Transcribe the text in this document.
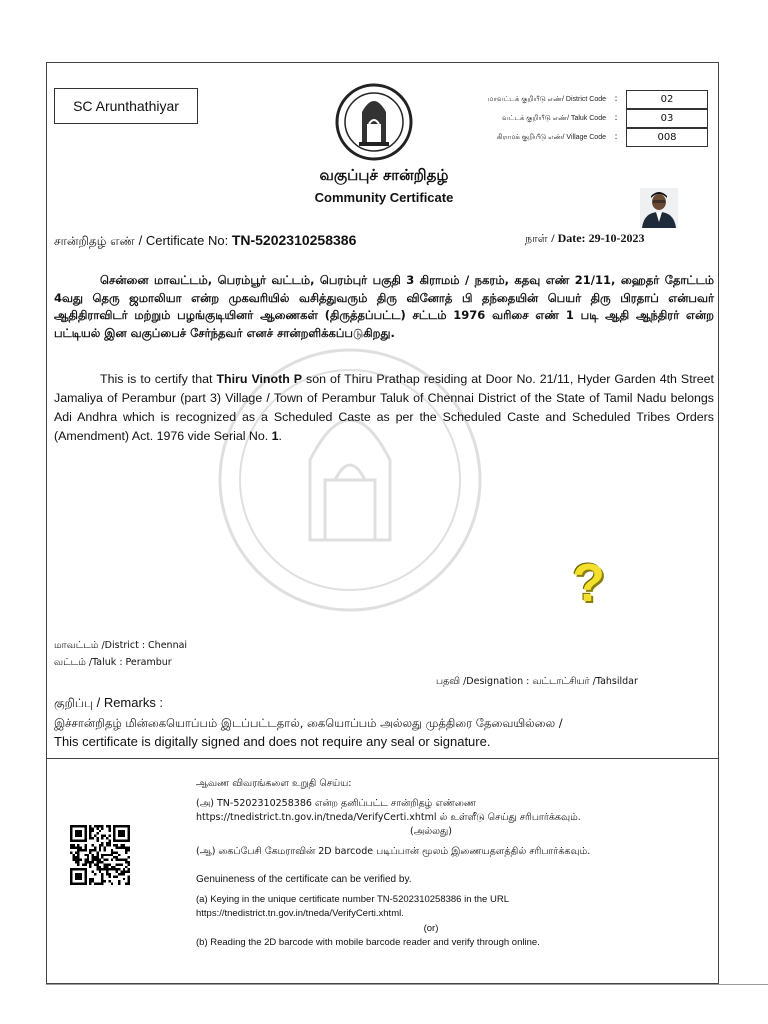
SC Arunthathiyar	மாவட்டக் குறியீடு எண்/ District Code :	02
வட்டக் குறியீடு எண்/ Taluk Code :	03
கிராமக் குறியீடு எண்/ Village Code :	008
வகுப்புச் சான்றிதழ்
Community Certificate
சான்றிதழ் எண் / Certificate No: TN-5202310258386	நாள் / Date: 29-10-2023
சென்னை மாவட்டம், பெரம்பூர் வட்டம், பெரம்புர் பகுதி 3 கிராமம் / நகரம், கதவு எண் 21/11, ஹைதர் தோட்டம் 4வது தெரு ஜமாலியா என்ற முகவரியில் வசித்துவரும் திரு வினோத் பி தந்தையின் பெயர் திரு பிரதாப் என்பவர் ஆதிதிராவிடர் மற்றும் பழங்குடியினர் ஆணைகள் (திருத்தப்பட்ட) சட்டம் 1976 வரிசை எண் 1 படி ஆதி ஆந்திரர் என்ற பட்டியல் இன வகுப்பைச் சேர்ந்தவர் எனச் சான்றளிக்கப்படுகிறது.
This is to certify that Thiru Vinoth P son of Thiru Prathap residing at Door No. 21/11, Hyder Garden 4th Street Jamaliya of Perambur (part 3) Village / Town of Perambur Taluk of Chennai District of the State of Tamil Nadu belongs Adi Andhra which is recognized as a Scheduled Caste as per the Scheduled Caste and Scheduled Tribes Orders (Amendment) Act. 1976 vide Serial No. 1.
?
மாவட்டம் /District : Chennai
வட்டம் /Taluk : Perambur
பதவி /Designation : வட்டாட்சியர் /Tahsildar
குறிப்பு / Remarks :
இச்சான்றிதழ் மின்கையொப்பம் இடப்பட்டதால், கையொப்பம் அல்லது முத்திரை தேவையில்லை /
This certificate is digitally signed and does not require any seal or signature.
ஆவண விவரங்களை உறுதி செய்ய:
(அ) TN-5202310258386 என்ற தனிப்பட்ட சான்றிதழ் எண்ணை https://tnedistrict.tn.gov.in/tneda/VerifyCerti.xhtml ல் உள்ளீடு செய்து சரிபார்க்கவும்.
(அல்லது)
(ஆ) கைப்பேசி கேமராவின் 2D barcode படிப்பான் மூலம் இணையதளத்தில் சரிபார்க்கவும்.
Genuineness of the certificate can be verified by.
(a) Keying in the unique certificate number TN-5202310258386 in the URL https://tnedistrict.tn.gov.in/tneda/VerifyCerti.xhtml.
(or)
(b) Reading the 2D barcode with mobile barcode reader and verify through online.
